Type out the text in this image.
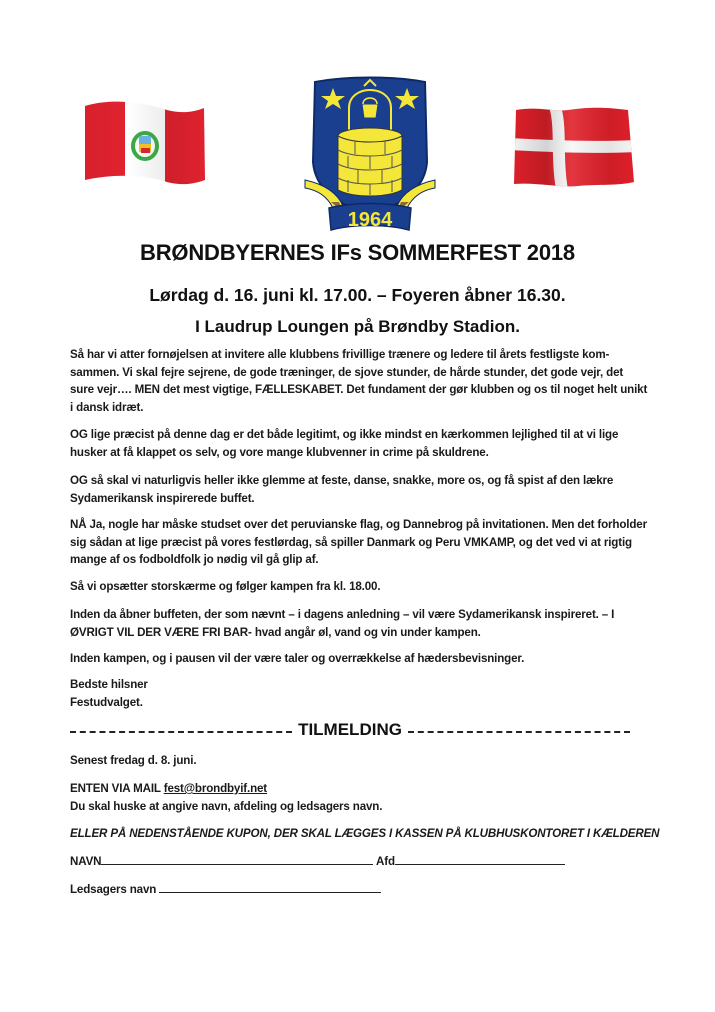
1964
BRØNDBYERNES IFs SOMMERFEST 2018
Lørdag d. 16. juni kl. 17.00. – Foyeren åbner 16.30.
I Laudrup Loungen på Brøndby Stadion.

Så har vi atter fornøjelsen at invitere alle klubbens frivillige trænere og ledere til årets festligste kom-sammen. Vi skal fejre sejrene, de gode træninger, de sjove stunder, de hårde stunder, det gode vejr, det sure vejr…. MEN det mest vigtige, FÆLLESKABET. Det fundament der gør klubben og os til noget helt unikt i dansk idræt.

OG lige præcist på denne dag er det både legitimt, og ikke mindst en kærkommen lejlighed til at vi lige husker at få klappet os selv, og vore mange klubvenner in crime på skuldrene.

OG så skal vi naturligvis heller ikke glemme at feste, danse, snakke, more os, og få spist af den lækre Sydamerikansk inspirerede buffet.

NÅ Ja, nogle har måske studset over det peruvianske flag, og Dannebrog på invitationen. Men det forholder sig sådan at lige præcist på vores festlørdag, så spiller Danmark og Peru VMKAMP, og det ved vi at rigtig mange af os fodboldfolk jo nødig vil gå glip af.

Så vi opsætter storskærme og følger kampen fra kl. 18.00.

Inden da åbner buffeten, der som nævnt – i dagens anledning – vil være Sydamerikansk inspireret. – I ØVRIGT VIL DER VÆRE FRI BAR- hvad angår øl, vand og vin under kampen.

Inden kampen, og i pausen vil der være taler og overrækkelse af hædersbevisninger.

Bedste hilsner
Festudvalget.
TILMELDING
Senest fredag d. 8. juni.
ENTEN VIA MAIL fest@brondbyif.net
Du skal huske at angive navn, afdeling og ledsagers navn.
ELLER PÅ NEDENSTÅENDE KUPON, DER SKAL LÆGGES I KASSEN PÅ KLUBHUSKONTORET I KÆLDEREN
NAVN	Afd
Ledsagers navn
